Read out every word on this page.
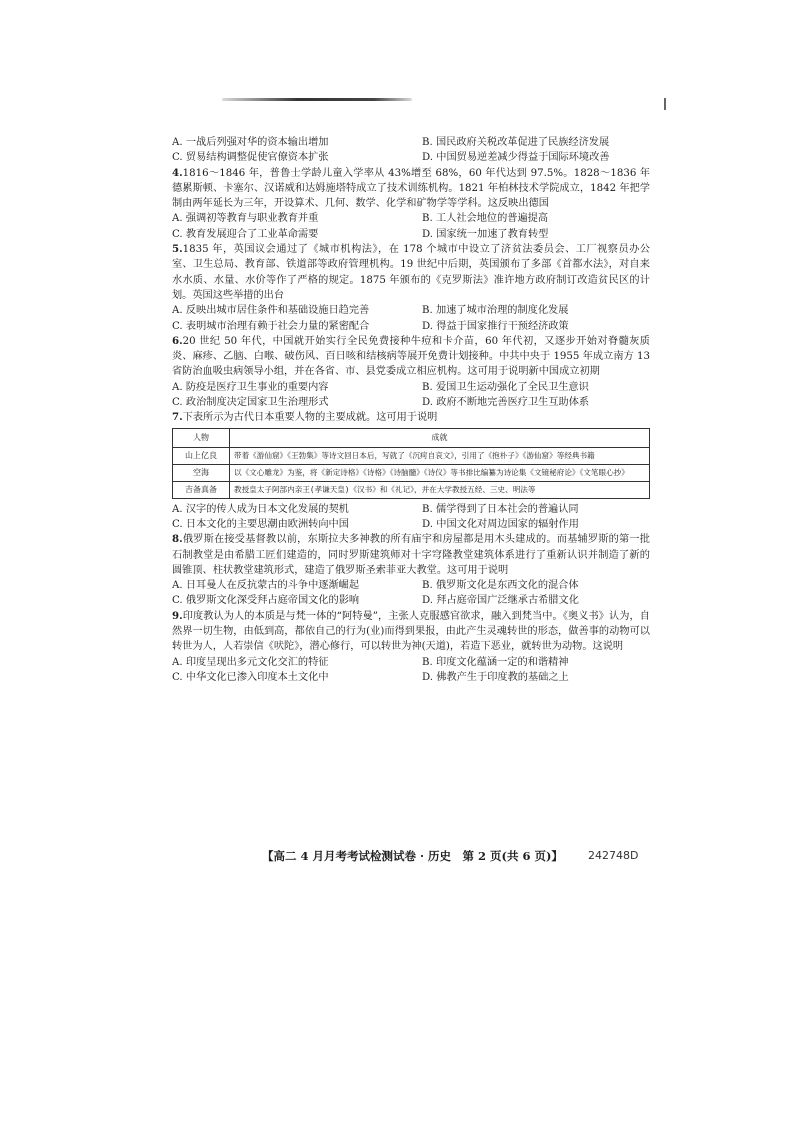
A. 一战后列强对华的资本输出增加	B. 国民政府关税改革促进了民族经济发展
C. 贸易结构调整促使官僚资本扩张	D. 中国贸易逆差减少得益于国际环境改善

4.1816～1846 年，普鲁士学龄儿童入学率从 43%增至 68%，60 年代达到 97.5%。1828～1836 年德累斯顿、卡塞尔、汉诺威和达姆施塔特成立了技术训练机构。1821 年柏林技术学院成立，1842 年把学制由两年延长为三年，开设算术、几何、数学、化学和矿物学等学科。这反映出德国

A. 强调初等教育与职业教育并重	B. 工人社会地位的普遍提高
C. 教育发展迎合了工业革命需要	D. 国家统一加速了教育转型

5.1835 年，英国议会通过了《城市机构法》，在 178 个城市中设立了济贫法委员会、工厂视察员办公室、卫生总局、教育部、铁道部等政府管理机构。19 世纪中后期，英国颁布了多部《首都水法》，对自来水水质、水量、水价等作了严格的规定。1875 年颁布的《克罗斯法》准许地方政府制订改造贫民区的计划。英国这些举措的出台

A. 反映出城市居住条件和基础设施日趋完善	B. 加速了城市治理的制度化发展
C. 表明城市治理有赖于社会力量的紧密配合	D. 得益于国家推行干预经济政策

6.20 世纪 50 年代，中国就开始实行全民免费接种牛痘和卡介苗，60 年代初，又逐步开始对脊髓灰质炎、麻疹、乙脑、白喉、破伤风、百日咳和结核病等展开免费计划接种。中共中央于 1955 年成立南方 13 省防治血吸虫病领导小组，并在各省、市、县党委成立相应机构。这可用于说明新中国成立初期

A. 防疫是医疗卫生事业的重要内容	B. 爱国卫生运动强化了全民卫生意识
C. 政治制度决定国家卫生治理形式	D. 政府不断地完善医疗卫生互助体系

7.下表所示为古代日本重要人物的主要成就。这可用于说明

人物	成就
山上亿良	带着《游仙窟》《王勃集》等诗文回日本后，写就了《沉疴自哀文》，引用了《抱朴子》《游仙窟》等经典书籍
空海	以《文心雕龙》为鉴，将《新定诗格》《诗格》《诗脑髓》《诗仪》等书排比编纂为诗论集《文镜秘府论》《文笔眼心抄》
吉备真备	教授皇太子阿部内亲王(孝谦天皇)《汉书》和《礼记》，并在大学教授五经、三史、明法等
A. 汉字的传人成为日本文化发展的契机	B. 儒学得到了日本社会的普遍认同
C. 日本文化的主要思潮由欧洲转向中国	D. 中国文化对周边国家的辐射作用

8.俄罗斯在接受基督教以前，东斯拉夫多神教的所有庙宇和房屋都是用木头建成的。而基辅罗斯的第一批石制教堂是由希腊工匠们建造的，同时罗斯建筑师对十字穹隆教堂建筑体系进行了重新认识并制造了新的圆锥顶、柱状教堂建筑形式，建造了俄罗斯圣索菲亚大教堂。这可用于说明

A. 日耳曼人在反抗蒙古的斗争中逐渐崛起	B. 俄罗斯文化是东西文化的混合体
C. 俄罗斯文化深受拜占庭帝国文化的影响	D. 拜占庭帝国广泛继承古希腊文化

9.印度教认为人的本质是与梵一体的“阿特曼”，主张人克服感官欲求，融入到梵当中。《奥义书》认为，自然界一切生物，由低到高，都依自己的行为(业)而得到果报，由此产生灵魂转世的形态，做善事的动物可以转世为人，人若崇信《吠陀》，潜心修行，可以转世为神(天道)，若造下恶业，就转世为动物。这说明

A. 印度呈现出多元文化交汇的特征	B. 印度文化蕴涵一定的和谐精神
C. 中华文化已渗入印度本土文化中	D. 佛教产生于印度教的基础之上
【高二 4 月月考考试检测试卷 · 历史　第 2 页(共 6 页)】 242748D
